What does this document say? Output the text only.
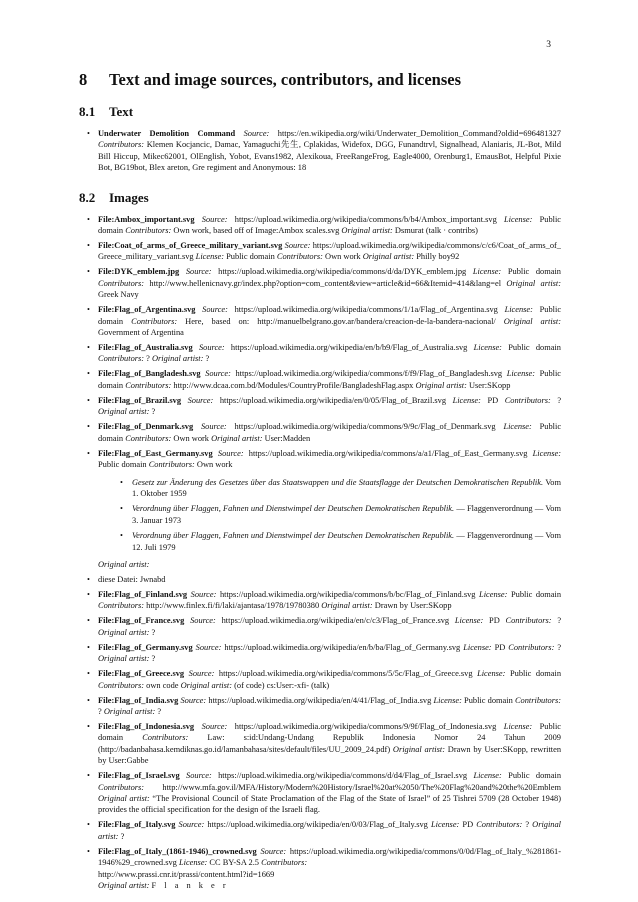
3
8 Text and image sources, contributors, and licenses
8.1 Text
• Underwater Demolition Command Source: https://en.wikipedia.org/wiki/Underwater_Demolition_Command?oldid=696481327 Contributors: Klemen Kocjancic, Damac, Yamaguchi先生, Cplakidas, Widefox, DGG, Funandtrvl, Signalhead, Alaniaris, JL-Bot, Mild Bill Hiccup, Mikec62001, OlEnglish, Yobot, Evans1982, Alexikoua, FreeRangeFrog, Eagle4000, Orenburg1, EmausBot, Helpful Pixie Bot, BG19bot, Blex areton, Gre regiment and Anonymous: 18
8.2 Images
• File:Ambox_important.svg Source: https://upload.wikimedia.org/wikipedia/commons/b/b4/Ambox_important.svg License: Public domain Contributors: Own work, based off of Image:Ambox scales.svg Original artist: Dsmurat (talk · contribs)
• File:Coat_of_arms_of_Greece_military_variant.svg Source: https://upload.wikimedia.org/wikipedia/commons/c/c6/Coat_of_arms_of_Greece_military_variant.svg License: Public domain Contributors: Own work Original artist: Philly boy92
• File:DYK_emblem.jpg Source: https://upload.wikimedia.org/wikipedia/commons/d/da/DYK_emblem.jpg License: Public domain Contributors: http://www.hellenicnavy.gr/index.php?option=com_content&view=article&id=66&Itemid=414&lang=el Original artist: Greek Navy
• File:Flag_of_Argentina.svg Source: https://upload.wikimedia.org/wikipedia/commons/1/1a/Flag_of_Argentina.svg License: Public domain Contributors: Here, based on: http://manuelbelgrano.gov.ar/bandera/creacion-de-la-bandera-nacional/ Original artist: Government of Argentina
• File:Flag_of_Australia.svg Source: https://upload.wikimedia.org/wikipedia/en/b/b9/Flag_of_Australia.svg License: Public domain Contributors: ? Original artist: ?
• File:Flag_of_Bangladesh.svg Source: https://upload.wikimedia.org/wikipedia/commons/f/f9/Flag_of_Bangladesh.svg License: Public domain Contributors: http://www.dcaa.com.bd/Modules/CountryProfile/BangladeshFlag.aspx Original artist: User:SKopp
• File:Flag_of_Brazil.svg Source: https://upload.wikimedia.org/wikipedia/en/0/05/Flag_of_Brazil.svg License: PD Contributors: ? Original artist: ?
• File:Flag_of_Denmark.svg Source: https://upload.wikimedia.org/wikipedia/commons/9/9c/Flag_of_Denmark.svg License: Public domain Contributors: Own work Original artist: User:Madden
• File:Flag_of_East_Germany.svg Source: https://upload.wikimedia.org/wikipedia/commons/a/a1/Flag_of_East_Germany.svg License: Public domain Contributors: Own work
• Gesetz zur Änderung des Gesetzes über das Staatswappen und die Staatsflagge der Deutschen Demokratischen Republik. Vom 1. Oktober 1959
• Verordnung über Flaggen, Fahnen und Dienstwimpel der Deutschen Demokratischen Republik. — Flaggenverordnung — Vom 3. Januar 1973
• Verordnung über Flaggen, Fahnen und Dienstwimpel der Deutschen Demokratischen Republik. — Flaggenverordnung — Vom 12. Juli 1979
Original artist:
• diese Datei: Jwnabd
• File:Flag_of_Finland.svg Source: https://upload.wikimedia.org/wikipedia/commons/b/bc/Flag_of_Finland.svg License: Public domain Contributors: http://www.finlex.fi/fi/laki/ajantasa/1978/19780380 Original artist: Drawn by User:SKopp
• File:Flag_of_France.svg Source: https://upload.wikimedia.org/wikipedia/en/c/c3/Flag_of_France.svg License: PD Contributors: ? Original artist: ?
• File:Flag_of_Germany.svg Source: https://upload.wikimedia.org/wikipedia/en/b/ba/Flag_of_Germany.svg License: PD Contributors: ? Original artist: ?
• File:Flag_of_Greece.svg Source: https://upload.wikimedia.org/wikipedia/commons/5/5c/Flag_of_Greece.svg License: Public domain Contributors: own code Original artist: (of code) cs:User:-xfi- (talk)
• File:Flag_of_India.svg Source: https://upload.wikimedia.org/wikipedia/en/4/41/Flag_of_India.svg License: Public domain Contributors: ? Original artist: ?
• File:Flag_of_Indonesia.svg Source: https://upload.wikimedia.org/wikipedia/commons/9/9f/Flag_of_Indonesia.svg License: Public domain Contributors: Law: s:id:Undang-Undang Republik Indonesia Nomor 24 Tahun 2009 (http://badanbahasa.kemdiknas.go.id/lamanbahasa/sites/default/files/UU_2009_24.pdf) Original artist: Drawn by User:SKopp, rewritten by User:Gabbe
• File:Flag_of_Israel.svg Source: https://upload.wikimedia.org/wikipedia/commons/d/d4/Flag_of_Israel.svg License: Public domain Contributors: http://www.mfa.gov.il/MFA/History/Modern%20History/Israel%20at%2050/The%20Flag%20and%20the%20Emblem Original artist: “The Provisional Council of State Proclamation of the Flag of the State of Israel” of 25 Tishrei 5709 (28 October 1948) provides the official specification for the design of the Israeli flag.
• File:Flag_of_Italy.svg Source: https://upload.wikimedia.org/wikipedia/en/0/03/Flag_of_Italy.svg License: PD Contributors: ? Original artist: ?
• File:Flag_of_Italy_(1861-1946)_crowned.svg Source: https://upload.wikimedia.org/wikipedia/commons/0/0d/Flag_of_Italy_%281861-1946%29_crowned.svg License: CC BY-SA 2.5 Contributors:
http://www.prassi.cnr.it/prassi/content.html?id=1669
Original artist: F l a n k e r
